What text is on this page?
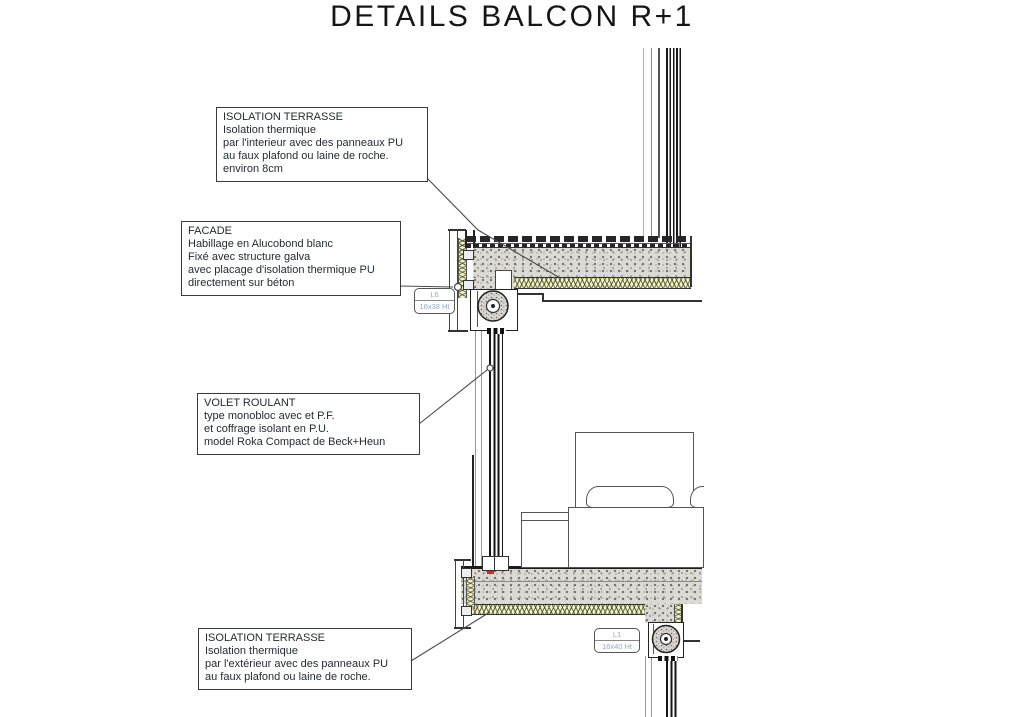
DETAILS BALCON R+1
ISOLATION TERRASSE
Isolation thermique
par l'interieur avec des panneaux PU
au faux plafond ou laine de roche.
environ 8cm
FACADE
Habillage en Alucobond blanc
Fixé avec structure galva
avec placage d'isolation thermique PU
directement sur béton
VOLET ROULANT
type monobloc avec et P.F.
et coffrage isolant en P.U.
model Roka Compact de Beck+Heun
ISOLATION TERRASSE
Isolation thermique
par l'extérieur avec des panneaux PU
au faux plafond ou laine de roche.
L6
16x38 Ht
L1
16x40 Ht
